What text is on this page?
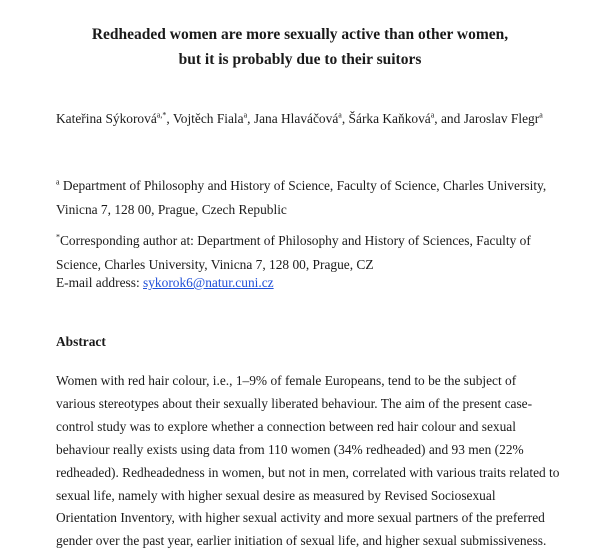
Redheaded women are more sexually active than other women,
but it is probably due to their suitors
Kateřina Sýkorová$^{a,*}$, Vojtěch Fiala$^a$, Jana Hlaváčová$^a$, Šárka Kaňková$^a$, and Jaroslav Flegr$^a$
$^a$ Department of Philosophy and History of Science, Faculty of Science, Charles University,
Vinicna 7, 128 00, Prague, Czech Republic
*Corresponding author at: Department of Philosophy and History of Sciences, Faculty of
Science, Charles University, Vinicna 7, 128 00, Prague, CZ
E-mail address: sykorok6@natur.cuni.cz
Abstract
Women with red hair colour, i.e., 1–9% of female Europeans, tend to be the subject of
various stereotypes about their sexually liberated behaviour. The aim of the present case-
control study was to explore whether a connection between red hair colour and sexual
behaviour really exists using data from 110 women (34% redheaded) and 93 men (22%
redheaded). Redheadedness in women, but not in men, correlated with various traits related to
sexual life, namely with higher sexual desire as measured by Revised Sociosexual
Orientation Inventory, with higher sexual activity and more sexual partners of the preferred
gender over the past year, earlier initiation of sexual life, and higher sexual submissiveness.
